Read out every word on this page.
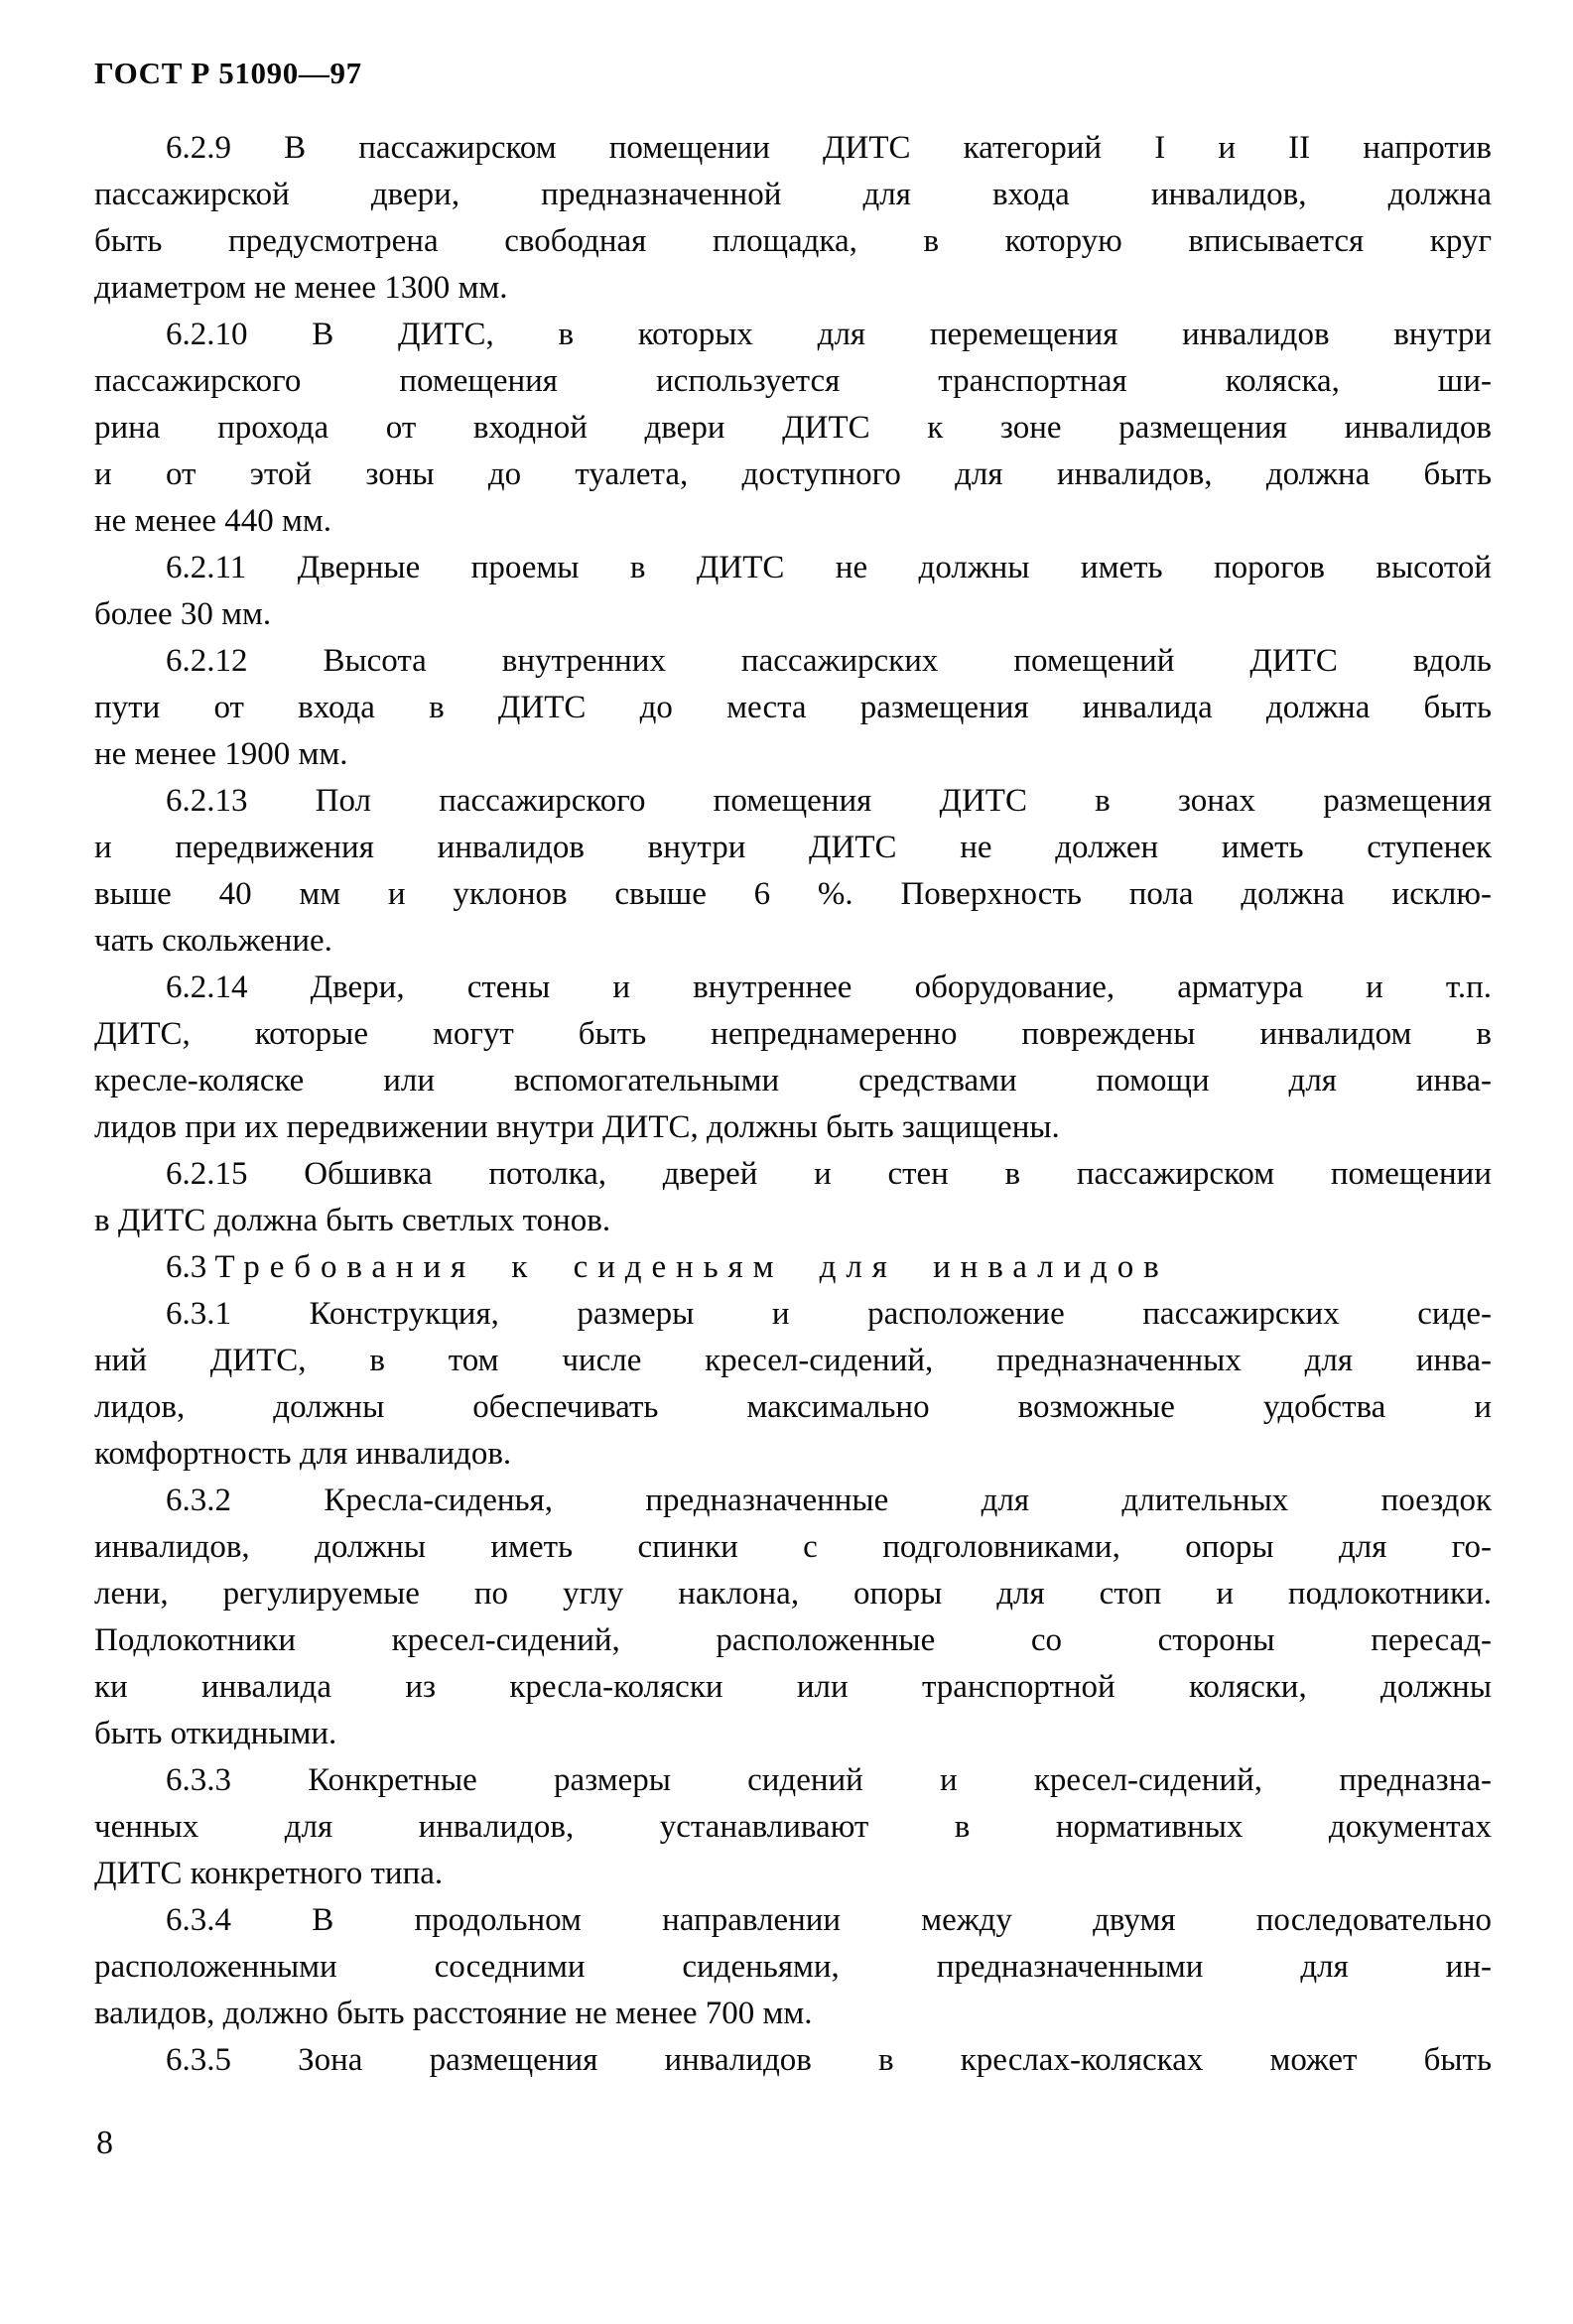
ГОСТ Р 51090—97
6.2.9 В пассажирском помещении ДИТС категорий I и II напротив
пассажирской двери, предназначенной для входа инвалидов, должна
быть предусмотрена свободная площадка, в которую вписывается круг
диаметром не менее 1300 мм.
6.2.10 В ДИТС, в которых для перемещения инвалидов внутри
пассажирского помещения используется транспортная коляска, ши-
рина прохода от входной двери ДИТС к зоне размещения инвалидов
и от этой зоны до туалета, доступного для инвалидов, должна быть
не менее 440 мм.
6.2.11 Дверные проемы в ДИТС не должны иметь порогов высотой
более 30 мм.
6.2.12 Высота внутренних пассажирских помещений ДИТС вдоль
пути от входа в ДИТС до места размещения инвалида должна быть
не менее 1900 мм.
6.2.13 Пол пассажирского помещения ДИТС в зонах размещения
и передвижения инвалидов внутри ДИТС не должен иметь ступенек
выше 40 мм и уклонов свыше 6 %. Поверхность пола должна исклю-
чать скольжение.
6.2.14 Двери, стены и внутреннее оборудование, арматура и т.п.
ДИТС, которые могут быть непреднамеренно повреждены инвалидом в
кресле-коляске или вспомогательными средствами помощи для инва-
лидов при их передвижении внутри ДИТС, должны быть защищены.
6.2.15 Обшивка потолка, дверей и стен в пассажирском помещении
в ДИТС должна быть светлых тонов.
6.3 Требования к сиденьям для инвалидов
6.3.1 Конструкция, размеры и расположение пассажирских сиде-
ний ДИТС, в том числе кресел-сидений, предназначенных для инва-
лидов, должны обеспечивать максимально возможные удобства и
комфортность для инвалидов.
6.3.2 Кресла-сиденья, предназначенные для длительных поездок
инвалидов, должны иметь спинки с подголовниками, опоры для го-
лени, регулируемые по углу наклона, опоры для стоп и подлокотники.
Подлокотники кресел-сидений, расположенные со стороны пересад-
ки инвалида из кресла-коляски или транспортной коляски, должны
быть откидными.
6.3.3 Конкретные размеры сидений и кресел-сидений, предназна-
ченных для инвалидов, устанавливают в нормативных документах
ДИТС конкретного типа.
6.3.4 В продольном направлении между двумя последовательно
расположенными соседними сиденьями, предназначенными для ин-
валидов, должно быть расстояние не менее 700 мм.
6.3.5 Зона размещения инвалидов в креслах-колясках может быть
8
